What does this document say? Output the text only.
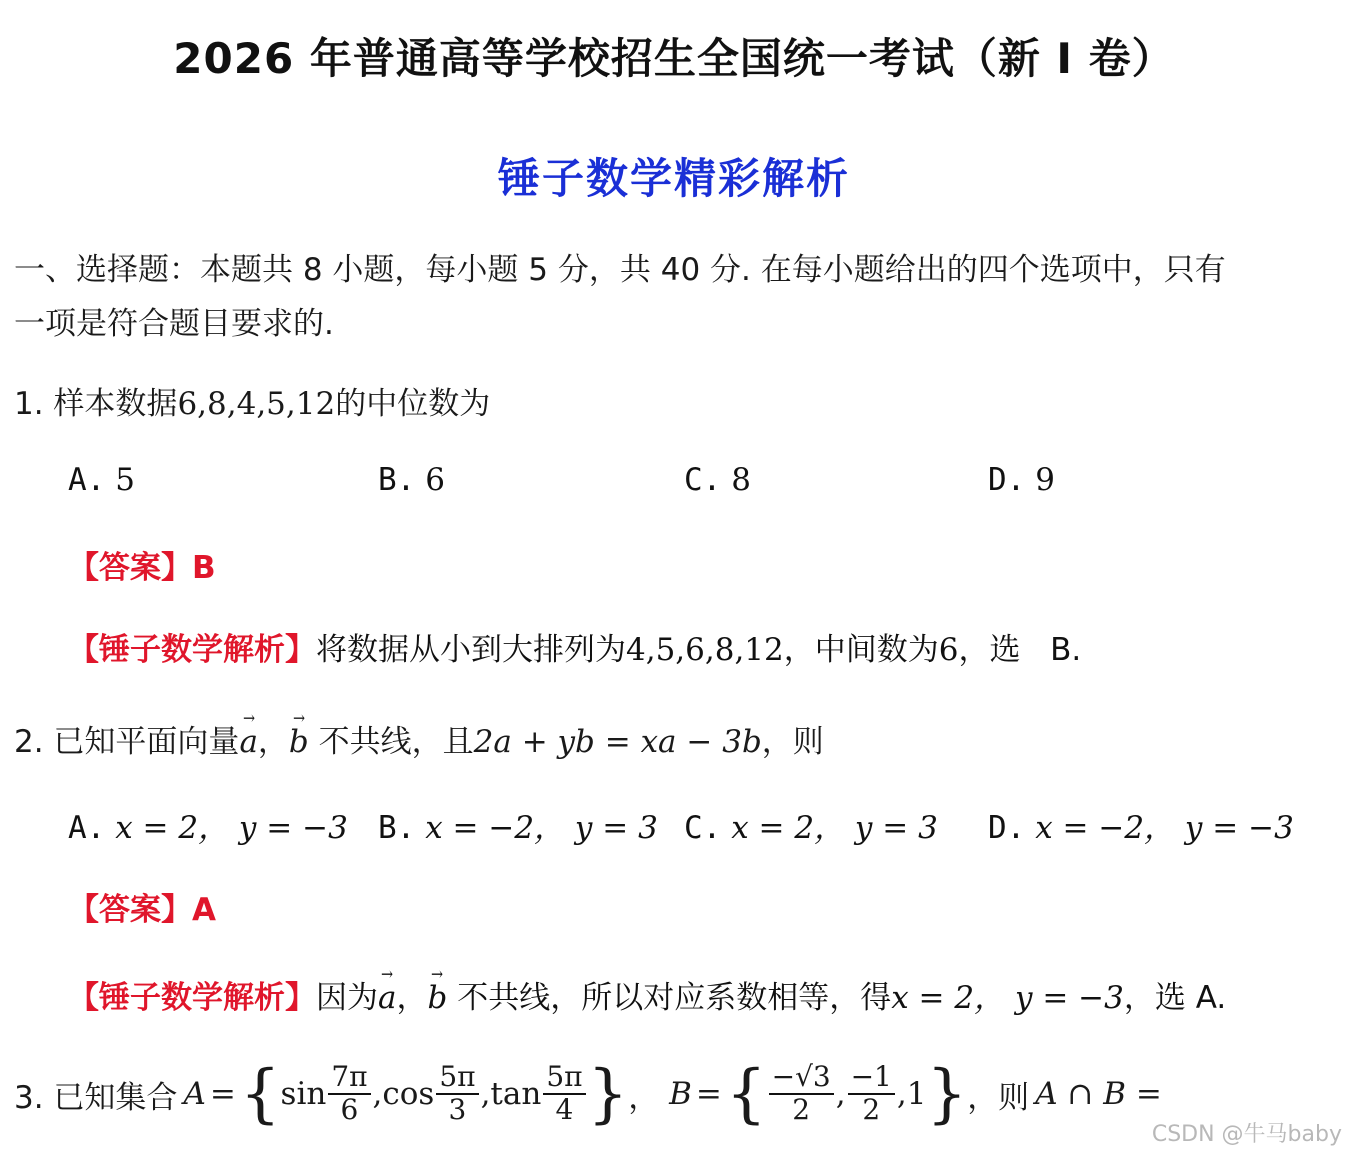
2026 年普通高等学校招生全国统一考试（新 I 卷）
锤子数学精彩解析
一、选择题：本题共 8 小题，每小题 5 分，共 40 分. 在每小题给出的四个选项中，只有
一项是符合题目要求的.
1. 样本数据6,8,4,5,12的中位数为
A. 5	B. 6	C. 8	D. 9
【答案】B
【锤子数学解析】将数据从小到大排列为4,5,6,8,12，中间数为6，选 B.
2. 已知平面向量→ a，→ b 不共线，且2a + yb = xa − 3b，则
A. x = 2， y = −3 B. x = −2， y = 3 C. x = 2， y = 3 D. x = −2， y = −3
【答案】A
【锤子数学解析】因为→ a，→ b 不共线，所以对应系数相等，得x = 2， y = −3，选 A.
3. 已知集合 A = { $\sin \frac{7\pi}{6}$ , $\cos \frac{5\pi}{3}$ , $\tan \frac{5\pi}{4}$ } ， B = { $\frac{-√3}{2}$ , $\frac{-1}{2}$ , 1 } ，则 A ∩ B =
CSDN @牛马baby
